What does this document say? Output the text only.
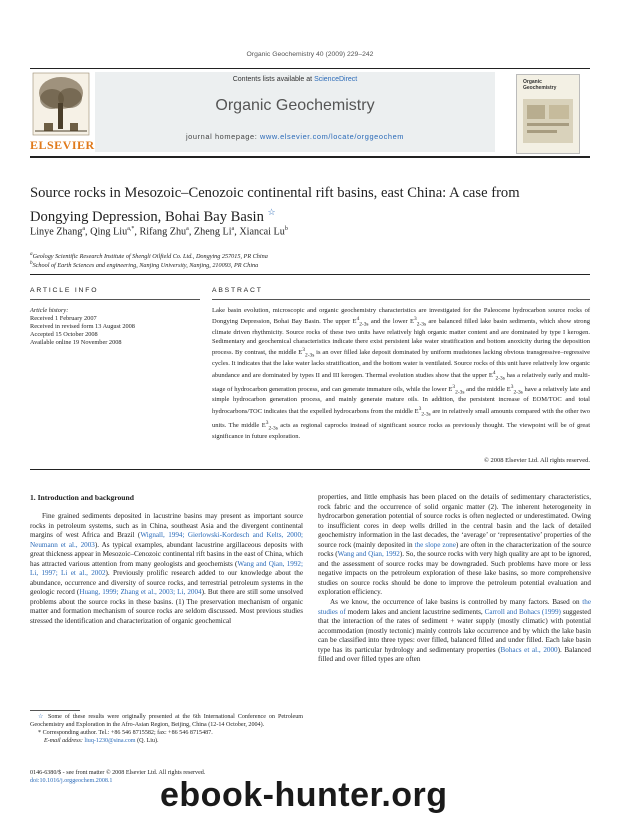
Organic Geochemistry 40 (2009) 229–242
Contents lists available at ScienceDirect
Organic Geochemistry
journal homepage: www.elsevier.com/locate/orggeochem
ELSEVIER
Organic Geochemistry
Source rocks in Mesozoic–Cenozoic continental rift basins, east China: A case from
Dongying Depression, Bohai Bay Basin ☆
Linye Zhang$^a$, Qing Liu$^{a,*}$, Rifang Zhu$^a$, Zheng Li$^a$, Xiancai Lu$^b$
$^a$Geology Scientific Research Institute of Shengli Oilfield Co. Ltd., Dongying 257015, PR China
$^b$School of Earth Sciences and engineering, Nanjing University, Nanjing, 210093, PR China
ARTICLE INFO	ABSTRACT
Article history:
Received 1 February 2007
Received in revised form 13 August 2008
Accepted 15 October 2008
Available online 19 November 2008
Lake basin evolution, microscopic and organic geochemistry characteristics are investigated for the Paleocene hydrocarbon source rocks of Dongying Depression, Bohai Bay Basin. The upper $E^4_{2-3s}$ and the lower $E^3_{2-3s}$ are balanced filled lake basin sediments, which show strong climate driven rhythmicity. Source rocks of these two units have relatively high organic matter content and are dominated by type I kerogen. Sedimentary and geochemical characteristics indicate there exist persistent lake water stratification and bottom anoxicity during the deposition process. By contrast, the middle $E^3_{2-3s}$ is an over filled lake deposit dominated by uniform mudstones lacking obvious transgressive–regressive cycles. It indicates that the lake water lacks stratification, and the bottom water is ventilated. Source rocks of this unit have relatively low organic abundance and are dominated by types II and III kerogen. Thermal evolution studies show that the upper $E^4_{2-3s}$ has a relatively early and multi-stage of hydrocarbon generation process, and can generate immature oils, while the lower $E^3_{2-3s}$ and the middle $E^3_{2-3s}$ have a relatively late and simple hydrocarbon generation process, and mainly generate mature oils. In addition, the persistent increase of EOM/TOC and total hydrocarbons/TOC indicates that the expelled hydrocarbons from the middle $E^3_{2-3s}$ are in relatively small amounts compared with the other two units. The middle $E^3_{2-3s}$ acts as regional caprocks instead of significant source rocks as previously thought. The viewpoint will be of great significance in future exploration.
© 2008 Elsevier Ltd. All rights reserved.
1. Introduction and background

Fine grained sediments deposited in lacustrine basins may present as important source rocks in petroleum systems, such as in China, southeast Asia and the divergent continental margins of west Africa and Brazil (Wignall, 1994; Gierlowski-Kordesch and Kelts, 2000; Neumann et al., 2003). As typical examples, abundant lacustrine argillaceous deposits with great thickness appear in Mesozoic–Cenozoic continental rift basins in the east of China, which has attracted various attention from many geologists and geochemists (Wang and Qian, 1992; Li, 1997; Li et al., 2002). Previously prolific research added to our knowledge about the abundance, occurrence and diversity of source rocks, and terrestrial petroleum systems in the geologic record (Huang, 1999; Zhang et al., 2003; Li, 2004). But there are still some unsolved problems about the source rocks in these basins. (1) The preservation mechanism of organic matter and formation mechanism of source rocks are seldom discussed. Most previous studies stressed the identification and characterization of organic geochemical

☆ Some of these results were originally presented at the 6th International Conference on Petroleum Geochemistry and Exploration in the Afro-Asian Region, Beijing, China (12-14 October, 2004).

* Corresponding author. Tel.: +86 546 8715582; fax: +86 546 8715487.

E-mail address: liuq-1230@sina.com (Q. Liu).

0146-6380/$ - see front matter © 2008 Elsevier Ltd. All rights reserved.
doi:10.1016/j.orggeochem.2008.1

properties, and little emphasis has been placed on the details of sedimentary characteristics, rock fabric and the occurrence of solid organic matter (2). The inherent heterogeneity in hydrocarbon generation potential of source rocks is often neglected or underestimated. Owing to insufficient cores in deep wells drilled in the central basin and the lack of detailed geochemistry information in the last decades, the ‘average’ or ‘representative’ properties of the source rock (mainly deposited in the slope zone) are often in the characterization of the source rocks (Wang and Qian, 1992). So, the source rocks with very high quality are apt to be ignored, and the assessment of source rocks may be downgraded. Such problems have more or less negative impacts on the petroleum exploration of these lake basins, so more comprehensive studies on source rocks should be done to improve the petroleum potential evaluation and exploration efficiency.

As we know, the occurrence of lake basins is controlled by many factors. Based on the studies of modern lakes and ancient lacustrine sediments, Carroll and Bohacs (1999) suggested that the interaction of the rates of sediment + water supply (mostly climatic) with potential accommodation (mostly tectonic) mainly controls lake occurrence and by which the lake basin can be classified into three types: over filled, balanced filled and under filled. Each lake basin type has its particular hydrology and sedimentary properties (Bohacs et al., 2000). Balanced filled and over filled types are often

ebook-hunter.org
